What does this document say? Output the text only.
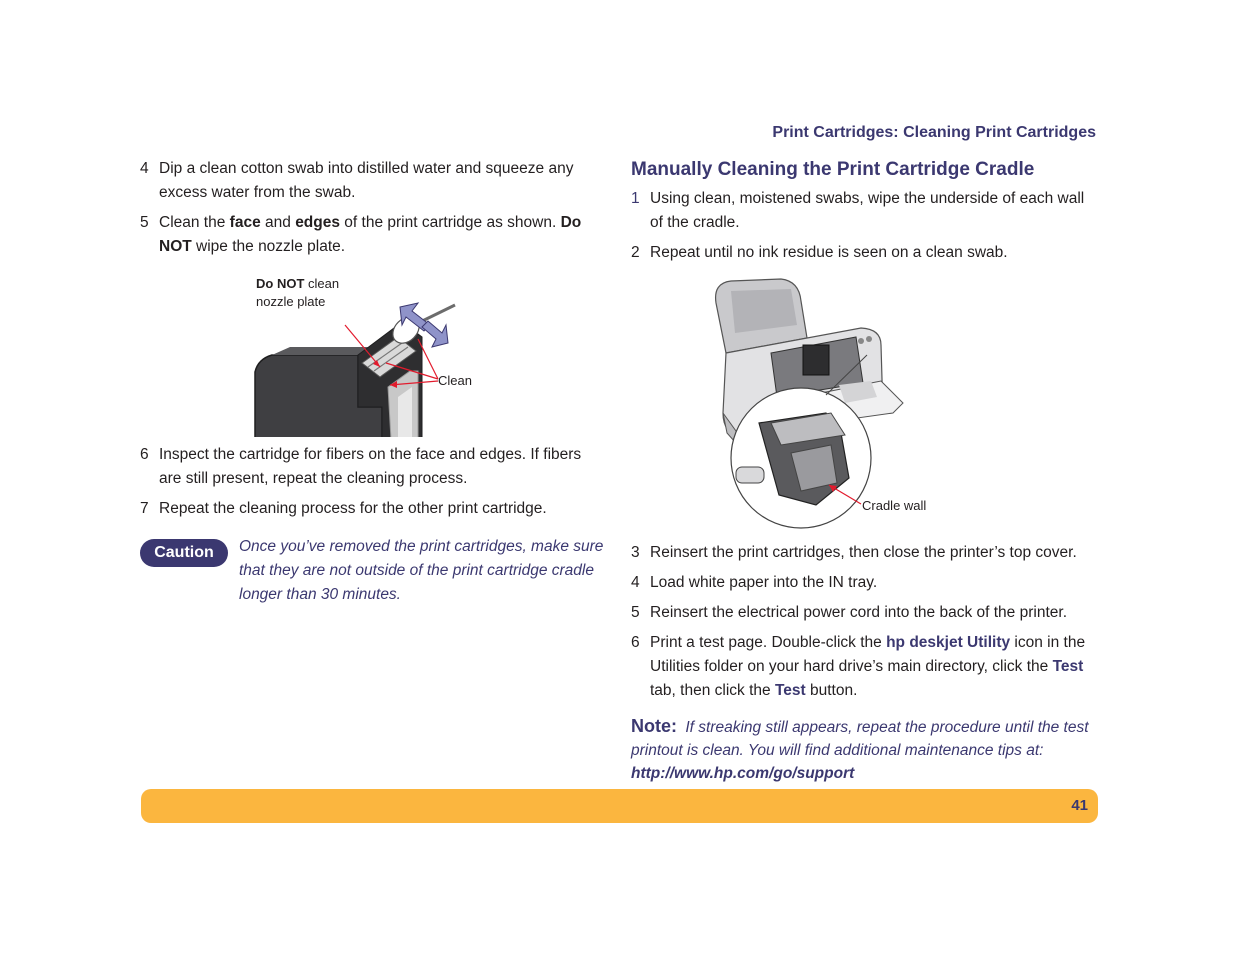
Print Cartridges: Cleaning Print Cartridges
4 Dip a clean cotton swab into distilled water and squeeze any excess water from the swab.
5 Clean the face and edges of the print cartridge as shown. Do NOT wipe the nozzle plate.
Do NOT clean
nozzle plate
Clean
6 Inspect the cartridge for fibers on the face and edges. If fibers are still present, repeat the cleaning process.
7 Repeat the cleaning process for the other print cartridge.
Caution	Once you’ve removed the print cartridges, make sure that they are not outside of the print cartridge cradle longer than 30 minutes.
Manually Cleaning the Print Cartridge Cradle
1 Using clean, moistened swabs, wipe the underside of each wall of the cradle.
2 Repeat until no ink residue is seen on a clean swab.
Cradle wall
3 Reinsert the print cartridges, then close the printer’s top cover.
4 Load white paper into the IN tray.
5 Reinsert the electrical power cord into the back of the printer.
6 Print a test page. Double-click the hp deskjet Utility icon in the Utilities folder on your hard drive’s main directory, click the Test tab, then click the Test button.
Note: If streaking still appears, repeat the procedure until the test printout is clean. You will find additional maintenance tips at:
http://www.hp.com/go/support
41
